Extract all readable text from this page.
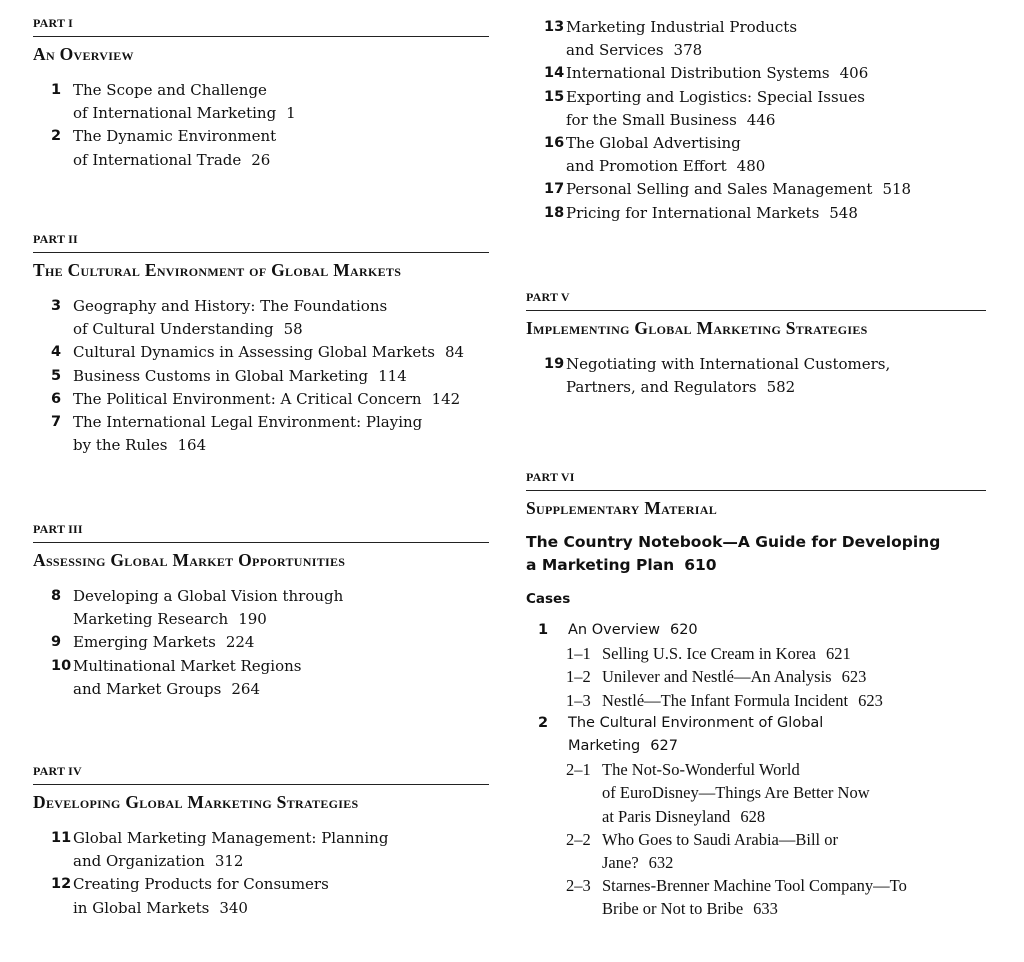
PART I
An Overview
1 The Scope and Challenge
of International Marketing 1
2 The Dynamic Environment
of International Trade 26
PART II
The Cultural Environment of Global Markets
3 Geography and History: The Foundations
of Cultural Understanding 58
4 Cultural Dynamics in Assessing Global Markets 84
5 Business Customs in Global Marketing 114
6 The Political Environment: A Critical Concern 142
7 The International Legal Environment: Playing
by the Rules 164
PART III
Assessing Global Market Opportunities
8 Developing a Global Vision through
Marketing Research 190
9 Emerging Markets 224
10 Multinational Market Regions
and Market Groups 264
PART IV
Developing Global Marketing Strategies
11 Global Marketing Management: Planning
and Organization 312
12 Creating Products for Consumers
in Global Markets 340
13 Marketing Industrial Products
and Services 378
14 International Distribution Systems 406
15 Exporting and Logistics: Special Issues
for the Small Business 446
16 The Global Advertising
and Promotion Effort 480
17 Personal Selling and Sales Management 518
18 Pricing for International Markets 548
PART V
Implementing Global Marketing Strategies
19 Negotiating with International Customers,
Partners, and Regulators 582
PART VI
Supplementary Material
The Country Notebook—A Guide for Developing
a Marketing Plan 610
Cases
1	An Overview 620
1–1 Selling U.S. Ice Cream in Korea 621
1–2 Unilever and Nestlé—An Analysis 623
1–3 Nestlé—The Infant Formula Incident 623
2	The Cultural Environment of Global
Marketing 627
2–1 The Not-So-Wonderful World
of EuroDisney—Things Are Better Now
at Paris Disneyland 628
2–2 Who Goes to Saudi Arabia—Bill or
Jane? 632
2–3 Starnes-Brenner Machine Tool Company—To
Bribe or Not to Bribe 633
